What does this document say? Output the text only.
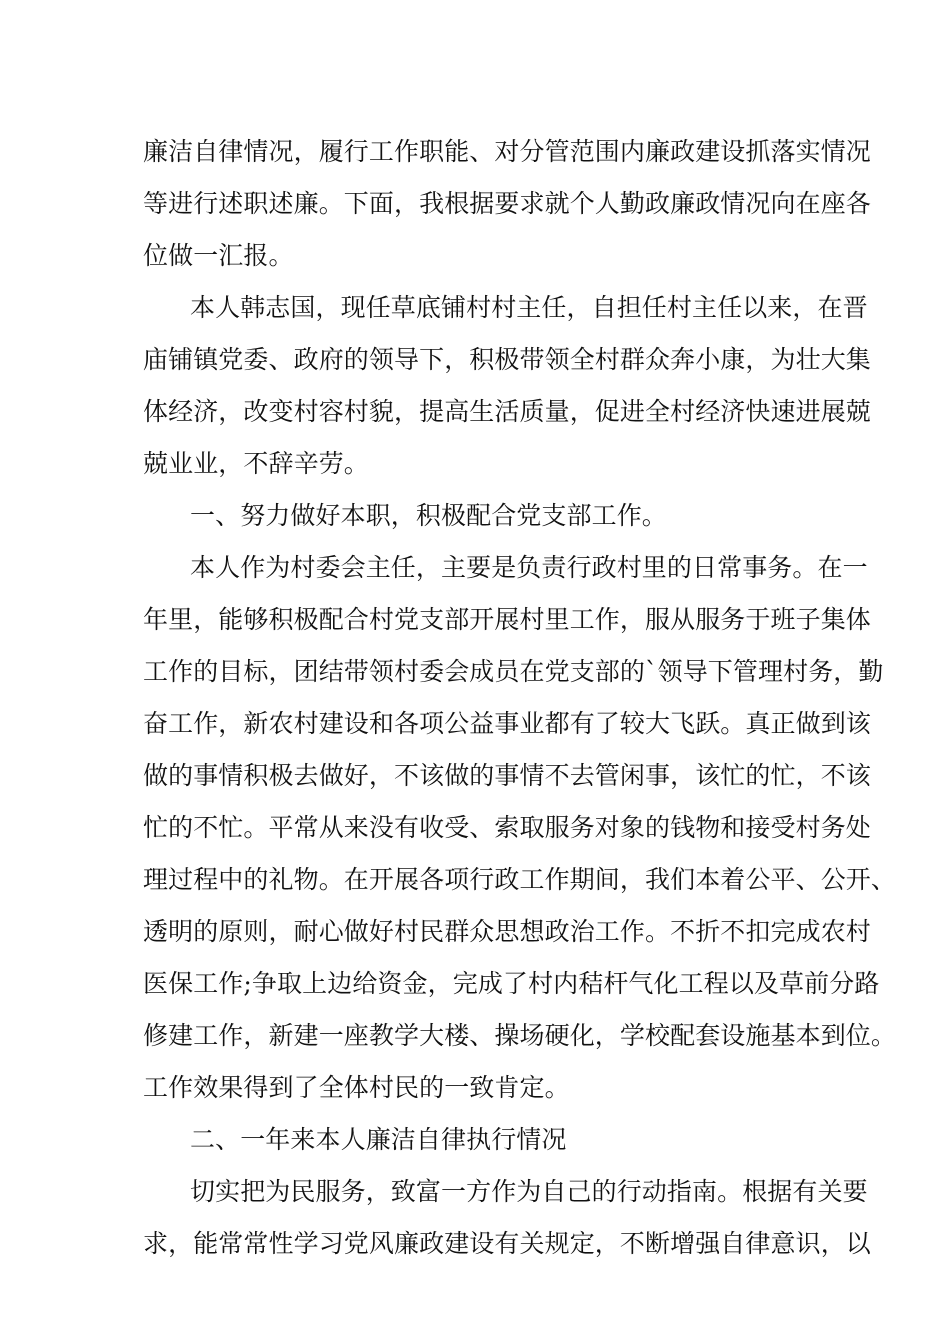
廉洁自律情况，履行工作职能、对分管范围内廉政建设抓落实情况
等进行述职述廉。下面，我根据要求就个人勤政廉政情况向在座各
位做一汇报。
本人韩志国，现任草底铺村村主任，自担任村主任以来，在晋
庙铺镇党委、政府的领导下，积极带领全村群众奔小康，为壮大集
体经济，改变村容村貌，提高生活质量，促进全村经济快速进展兢
兢业业，不辞辛劳。
一、努力做好本职，积极配合党支部工作。
本人作为村委会主任，主要是负责行政村里的日常事务。在一
年里，能够积极配合村党支部开展村里工作，服从服务于班子集体
工作的目标，团结带领村委会成员在党支部的`领导下管理村务，勤
奋工作，新农村建设和各项公益事业都有了较大飞跃。真正做到该
做的事情积极去做好，不该做的事情不去管闲事，该忙的忙，不该
忙的不忙。平常从来没有收受、索取服务对象的钱物和接受村务处
理过程中的礼物。在开展各项行政工作期间，我们本着公平、公开、
透明的原则，耐心做好村民群众思想政治工作。不折不扣完成农村
医保工作;争取上边给资金，完成了村内秸杆气化工程以及草前分路
修建工作，新建一座教学大楼、操场硬化，学校配套设施基本到位。
工作效果得到了全体村民的一致肯定。
二、一年来本人廉洁自律执行情况
切实把为民服务，致富一方作为自己的行动指南。根据有关要
求，能常常性学习党风廉政建设有关规定，不断增强自律意识，以
